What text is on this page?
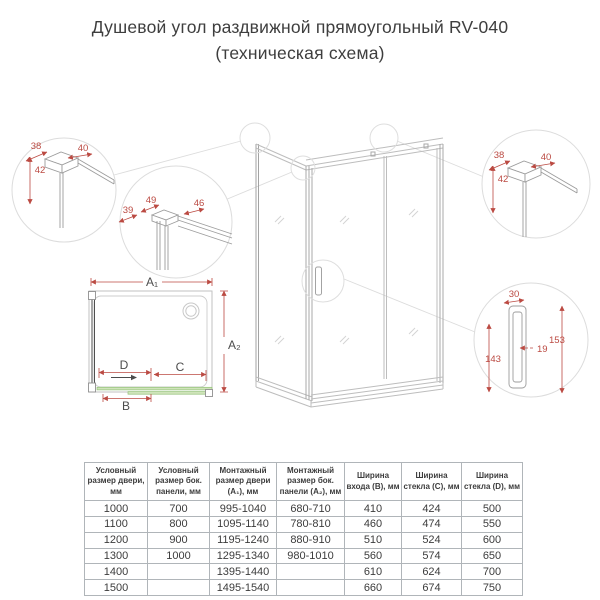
Душевой угол раздвижной прямоугольный RV-040
(техническая схема)
38	40
42
49	46
39
38	40
42
30
153
143
19
A₁
A₂
D	C
B
Условный размер двери, мм	Условный размер бок. панели, мм	Монтажный размер двери (A₁), мм	Монтажный размер бок. панели (A₂), мм	Ширина входа (B), мм	Ширина стекла (C), мм	Ширина стекла (D), мм
1000	700	995-1040	680-710	410	424	500
1100	800	1095-1140	780-810	460	474	550
1200	900	1195-1240	880-910	510	524	600
1300	1000	1295-1340	980-1010	560	574	650
1400		1395-1440		610	624	700
1500		1495-1540		660	674	750
